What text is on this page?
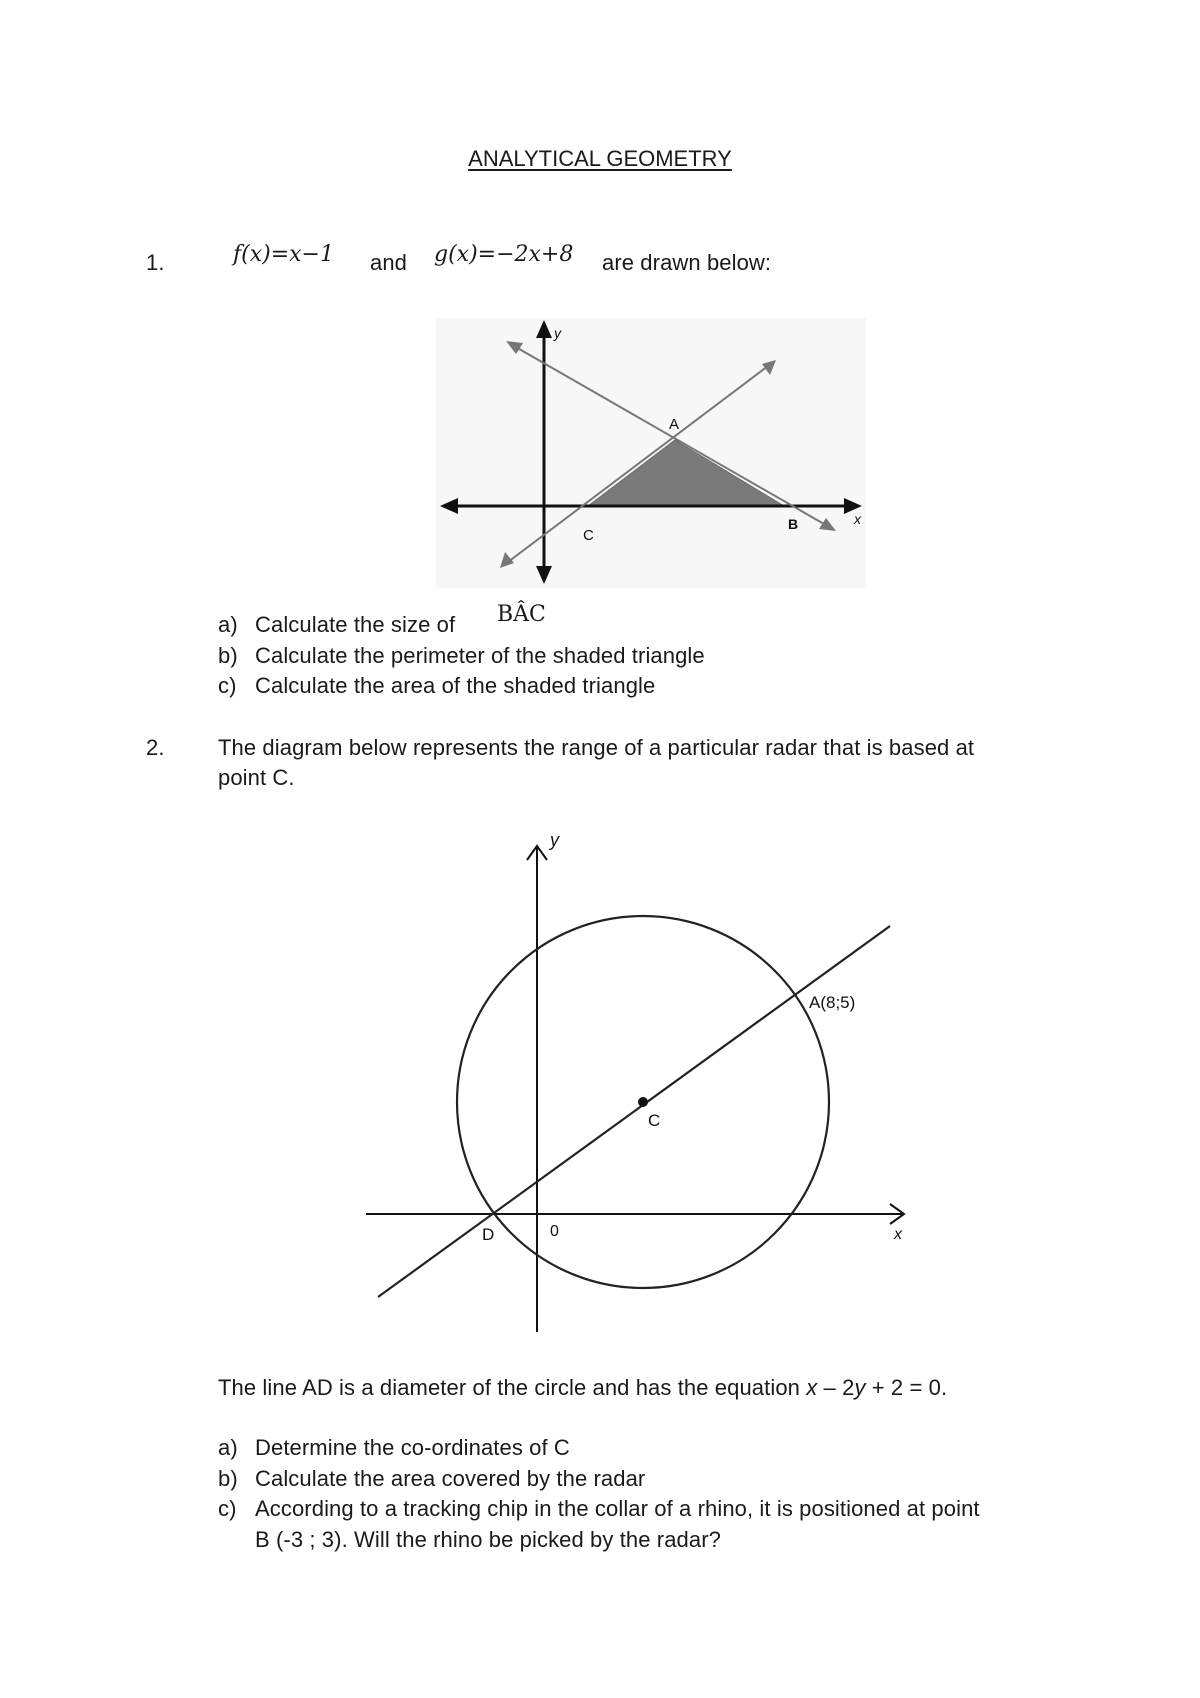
ANALYTICAL GEOMETRY
1.	f(x)=x−1 and g(x)=−2x+8 are drawn below:
y
x
A
B
C
a) Calculate the size of BÂC
b) Calculate the perimeter of the shaded triangle
c) Calculate the area of the shaded triangle
2. The diagram below represents the range of a particular radar that is based at
point C.
y
x
A(8;5)
C
D	0
The line AD is a diameter of the circle and has the equation x – 2y + 2 = 0.
a) Determine the co-ordinates of C
b) Calculate the area covered by the radar
c) According to a tracking chip in the collar of a rhino, it is positioned at point
B (-3 ; 3). Will the rhino be picked by the radar?
